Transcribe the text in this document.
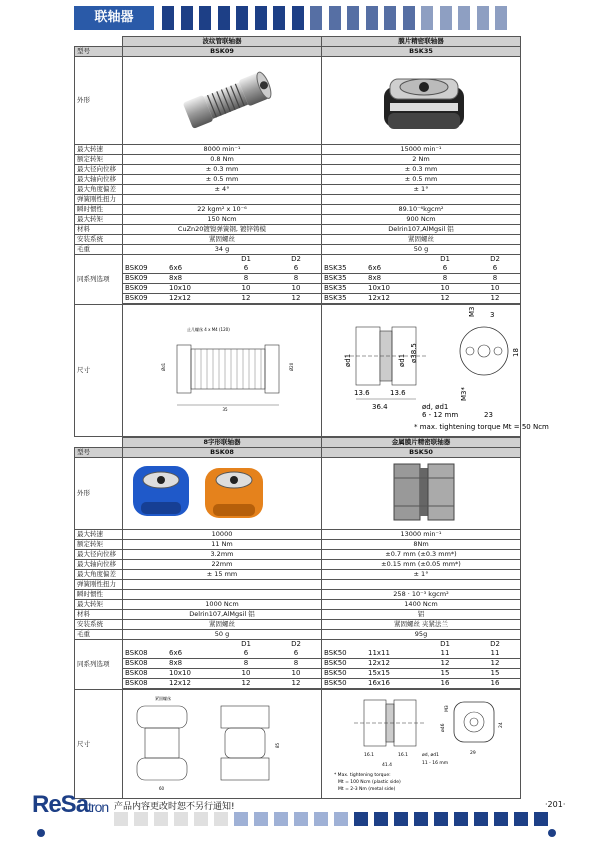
联轴器
	波纹管联轴器	膜片精密联轴器
型号	BSK09	BSK35
外形		
最大转速	8000 min⁻¹	15000 min⁻¹
额定转矩	0.8 Nm	2 Nm
最大径向位移	± 0.3 mm	± 0.3 mm
最大轴向位移	± 0.5 mm	± 0.5 mm
最大角度偏差	± 4°	± 1°
弹簧刚性扭力		
瞬时惯性	22 kgm² x 10⁻⁶	89.10⁻⁶kgcm²
最大转矩	150 Ncm	900 Ncm
材料	CuZn20镀镍弹簧钢, 镀锌铸模	Delrin107,AlMgsil 铝
安装系统	紧固螺丝	紧固螺丝
毛重	34 g	50 g
同系列选项	
		D1	D2
BSK09	6x6	6	6
BSK09	8x8	8	8
BSK09	10x10	10	10
BSK09	12x12	12	12

		D1	D2
BSK35	6x6	6	6
BSK35	8x8	8	8
BSK35	10x10	10	10
BSK35	12x12	12	12

尺寸	
止几螺丝 4 x M4 (120)
35
Ød1	Ø20	ød1	ød1 ø38.5
13.6	13.6
36.4	ød, ød1
6 - 12 mm
M3 3
18
M3*
23
* max. tightening torque Mt = 50 Ncm
	8字形联轴器	金属膜片精密联轴器
型号	BSK08	BSK50
外形		
最大转速	10000	13000 min⁻¹
额定转矩	11 Nm	8Nm
最大径向位移	3.2mm	±0.7 mm (±0.3 mm*)
最大轴向位移	22mm	±0.15 mm (±0.05 mm*)
最大角度偏差	± 15 mm	± 1°
弹簧刚性扭力		
瞬时惯性		258 · 10⁻³ kgcm²
最大转矩	1000 Ncm	1400 Ncm
材料	Delrin107,AlMgsil 铝	铝
安装系统	紧固螺丝	紧固螺丝 夹紧法兰
毛重	50 g	95g
同系列选项	
		D1	D2
BSK08	6x6	6	6
BSK08	8x8	8	8
BSK08	10x10	10	10
BSK08	12x12	12	12

		D1	D2
BSK50	11x11	11	11
BSK50	12x12	12	12
BSK50	15x15	15	15
BSK50	16x16	16	16

尺寸	
紧固螺丝
60
85

16.1	16.1
41.4
ød, ød1
11 - 16 mm
M3
ø46	24
29
* Max. tightening torque:
Mt = 100 Ncm (plastic side)
Mt = 2-3 Nm (metal side)
ReSatron 产品内容更改时恕不另行通知!	·201·
